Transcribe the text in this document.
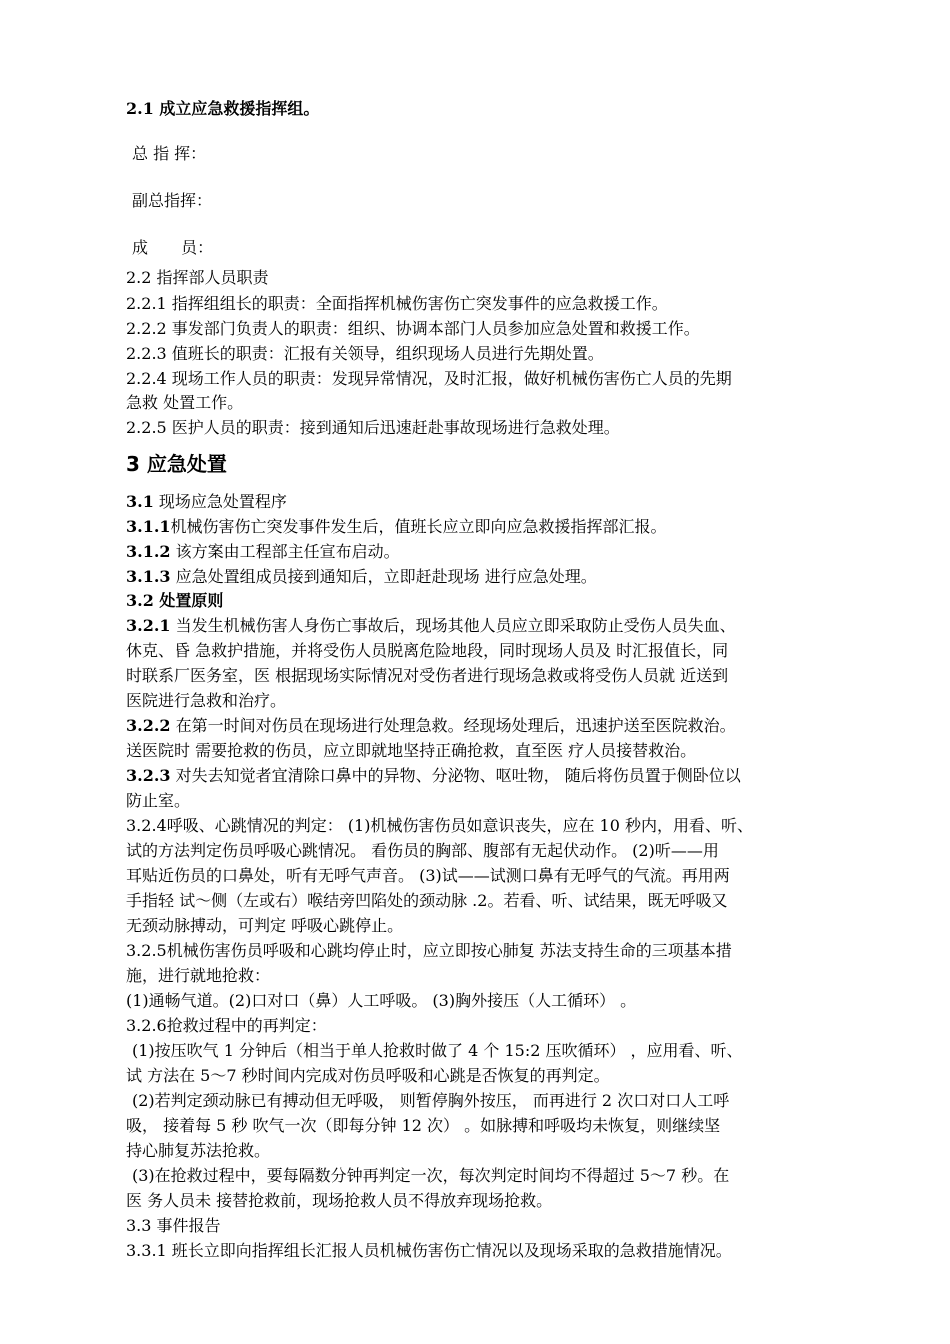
2.1 成立应急救援指挥组。
总 指 挥：
副总指挥：
成 员：
2.2 指挥部人员职责
2.2.1 指挥组组长的职责：全面指挥机械伤害伤亡突发事件的应急救援工作。
2.2.2 事发部门负责人的职责：组织、协调本部门人员参加应急处置和救援工作。
2.2.3 值班长的职责：汇报有关领导，组织现场人员进行先期处置。
2.2.4 现场工作人员的职责：发现异常情况，及时汇报，做好机械伤害伤亡人员的先期
急救 处置工作。
2.2.5 医护人员的职责：接到通知后迅速赶赴事故现场进行急救处理。
3 应急处置
3.1 现场应急处置程序
3.1.1机械伤害伤亡突发事件发生后，值班长应立即向应急救援指挥部汇报。
3.1.2 该方案由工程部主任宣布启动。
3.1.3 应急处置组成员接到通知后，立即赶赴现场 进行应急处理。
3.2 处置原则
3.2.1 当发生机械伤害人身伤亡事故后，现场其他人员应立即采取防止受伤人员失血、
休克、昏 急救护措施，并将受伤人员脱离危险地段，同时现场人员及 时汇报值长，同
时联系厂医务室，医 根据现场实际情况对受伤者进行现场急救或将受伤人员就 近送到
医院进行急救和治疗。
3.2.2 在第一时间对伤员在现场进行处理急救。经现场处理后，迅速护送至医院救治。
送医院时 需要抢救的伤员，应立即就地坚持正确抢救，直至医 疗人员接替救治。
3.2.3 对失去知觉者宜清除口鼻中的异物、分泌物、呕吐物， 随后将伤员置于侧卧位以
防止室。
3.2.4呼吸、心跳情况的判定： (1)机械伤害伤员如意识丧失，应在 10 秒内，用看、听、
试的方法判定伤员呼吸心跳情况。 看伤员的胸部、腹部有无起伏动作。 (2)听——用
耳贴近伤员的口鼻处，听有无呼气声音。 (3)试——试测口鼻有无呼气的气流。再用两
手指轻 试～侧（左或右）喉结旁凹陷处的颈动脉 .2。若看、听、试结果，既无呼吸又
无颈动脉搏动，可判定 呼吸心跳停止。
3.2.5机械伤害伤员呼吸和心跳均停止时，应立即按心肺复 苏法支持生命的三项基本措
施，进行就地抢救：
(1)通畅气道。(2)口对口（鼻）人工呼吸。 (3)胸外接压（人工循环） 。
3.2.6抢救过程中的再判定：
(1)按压吹气 1 分钟后（相当于单人抢救时做了 4 个 15:2 压吹循环） ，应用看、听、
试 方法在 5～7 秒时间内完成对伤员呼吸和心跳是否恢复的再判定。
(2)若判定颈动脉已有搏动但无呼吸， 则暂停胸外按压， 而再进行 2 次口对口人工呼
吸， 接着每 5 秒 吹气一次（即每分钟 12 次） 。如脉搏和呼吸均未恢复，则继续坚
持心肺复苏法抢救。
(3)在抢救过程中，要每隔数分钟再判定一次，每次判定时间均不得超过 5～7 秒。在
医 务人员未 接替抢救前，现场抢救人员不得放弃现场抢救。
3.3 事件报告
3.3.1 班长立即向指挥组长汇报人员机械伤害伤亡情况以及现场采取的急救措施情况。
